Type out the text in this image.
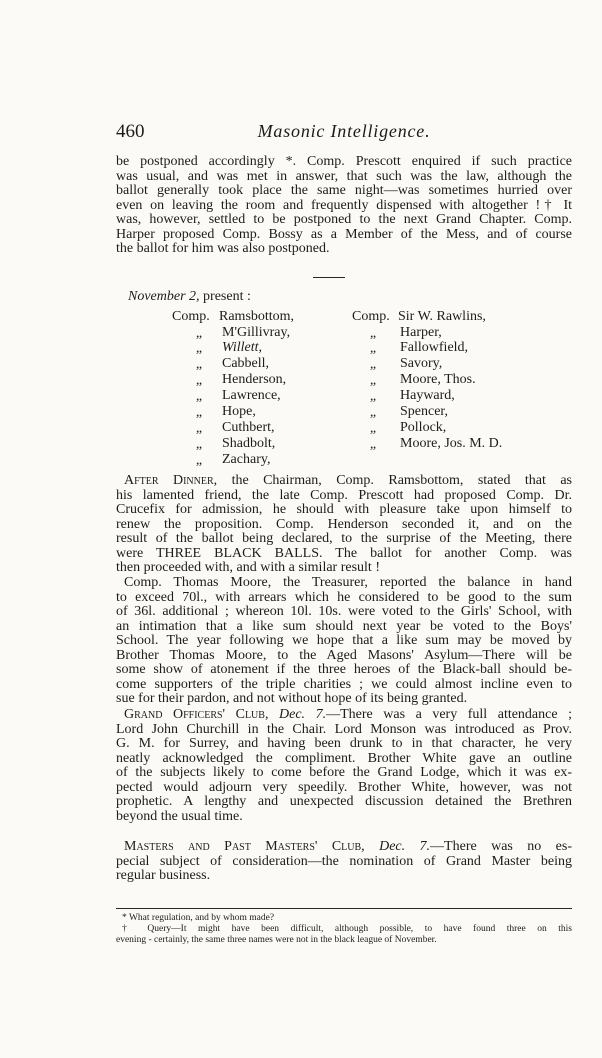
460	Masonic Intelligence.

be postponed accordingly *. Comp. Prescott enquired if such practice
was usual, and was met in answer, that such was the law, although the
ballot generally took place the same night—was sometimes hurried over
even on leaving the room and frequently dispensed with altogether !† It
was, however, settled to be postponed to the next Grand Chapter. Comp.
Harper proposed Comp. Bossy as a Member of the Mess, and of course
the ballot for him was also postponed.

November 2, present :
Comp.	Comp.
Ramsbottom,
„ M'Gillivray,
„ Willett,
„ Cabbell,
„ Henderson,
„ Lawrence,
„ Hope,
„ Cuthbert,
„ Shadbolt,
„ Zachary,
Sir W. Rawlins,
„ Harper,
„ Fallowfield,
„ Savory,
„ Moore, Thos.
„ Hayward,
„ Spencer,
„ Pollock,
„ Moore, Jos. M. D.

After Dinner, the Chairman, Comp. Ramsbottom, stated that as
his lamented friend, the late Comp. Prescott had proposed Comp. Dr.
Crucefix for admission, he should with pleasure take upon himself to
renew the proposition. Comp. Henderson seconded it, and on the
result of the ballot being declared, to the surprise of the Meeting, there
were THREE BLACK BALLS. The ballot for another Comp. was
then proceeded with, and with a similar result !

Comp. Thomas Moore, the Treasurer, reported the balance in hand
to exceed 70l., with arrears which he considered to be good to the sum
of 36l. additional ; whereon 10l. 10s. were voted to the Girls' School, with
an intimation that a like sum should next year be voted to the Boys'
School. The year following we hope that a like sum may be moved by
Brother Thomas Moore, to the Aged Masons' Asylum—There will be
some show of atonement if the three heroes of the Black-ball should be-
come supporters of the triple charities ; we could almost incline even to
sue for their pardon, and not without hope of its being granted.

Grand Officers' Club, Dec. 7.—There was a very full attendance ;
Lord John Churchill in the Chair. Lord Monson was introduced as Prov.
G. M. for Surrey, and having been drunk to in that character, he very
neatly acknowledged the compliment. Brother White gave an outline
of the subjects likely to come before the Grand Lodge, which it was ex-
pected would adjourn very speedily. Brother White, however, was not
prophetic. A lengthy and unexpected discussion detained the Brethren
beyond the usual time.

Masters and Past Masters' Club, Dec. 7.—There was no es-
pecial subject of consideration—the nomination of Grand Master being
regular business.

* What regulation, and by whom made?
† Query—It might have been difficult, although possible, to have found three on this
evening - certainly, the same three names were not in the black league of November.
